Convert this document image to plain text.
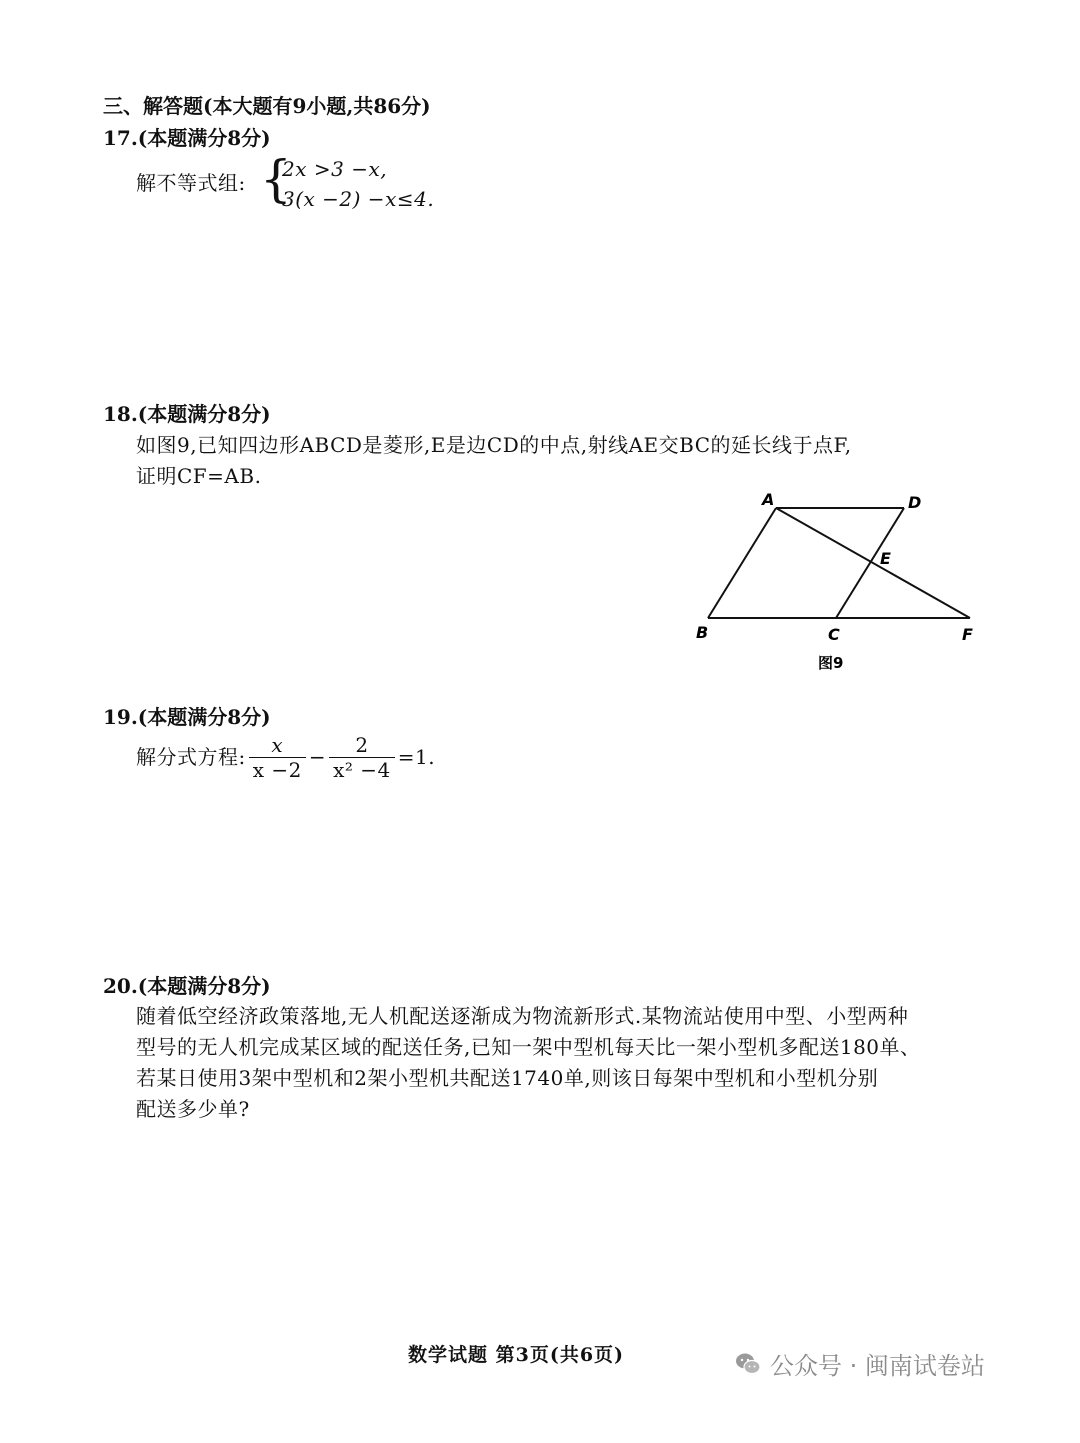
三、解答题(本大题有9小题,共86分)
17.(本题满分8分)
解不等式组: {
2x >3 −x,
3(x −2) −x≤4.
18.(本题满分8分)
如图9,已知四边形ABCD是菱形,E是边CD的中点,射线AE交BC的延长线于点F,
证明CF=AB.
A	D
E
B	C	F
图9
19.(本题满分8分)
解分式方程: $\frac{x}{x -2} - \frac{2}{\text{x² −4}} =1$.
20.(本题满分8分)
随着低空经济政策落地,无人机配送逐渐成为物流新形式.某物流站使用中型、小型两种
型号的无人机完成某区域的配送任务,已知一架中型机每天比一架小型机多配送180单、
若某日使用3架中型机和2架小型机共配送1740单,则该日每架中型机和小型机分别
配送多少单?
数学试题 第3页(共6页)	公众号 · 闽南试卷站
